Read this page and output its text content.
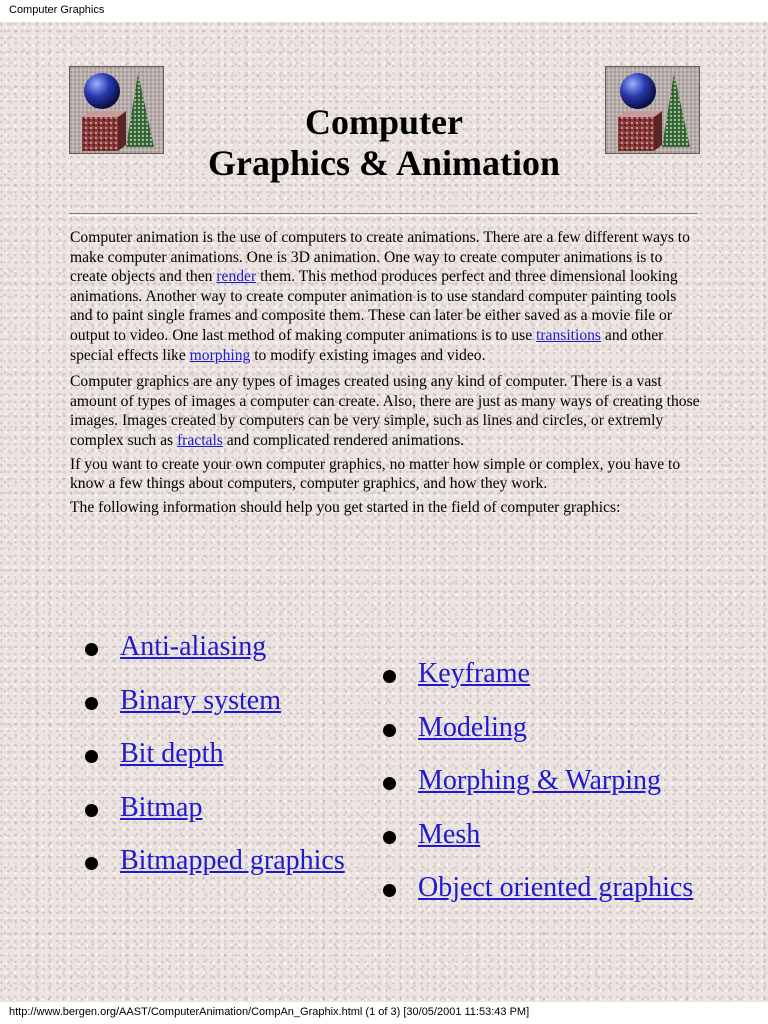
Computer Graphics
Computer
Graphics & Animation

Computer animation is the use of computers to create animations. There are a few different ways to make computer animations. One is 3D animation. One way to create computer animations is to create objects and then render them. This method produces perfect and three dimensional looking animations. Another way to create computer animation is to use standard computer painting tools and to paint single frames and composite them. These can later be either saved as a movie file or output to video. One last method of making computer animations is to use transitions and other special effects like morphing to modify existing images and video.

Computer graphics are any types of images created using any kind of computer. There is a vast amount of types of images a computer can create. Also, there are just as many ways of creating those images. Images created by computers can be very simple, such as lines and circles, or extremly complex such as fractals and complicated rendered animations.

If you want to create your own computer graphics, no matter how simple or complex, you have to know a few things about computers, computer graphics, and how they work.

The following information should help you get started in the field of computer graphics:

Anti-aliasing
Binary system
Bit depth
Bitmap
Bitmapped graphics
Keyframe
Modeling
Morphing & Warping
Mesh
Object oriented graphics
http://www.bergen.org/AAST/ComputerAnimation/CompAn_Graphix.html (1 of 3) [30/05/2001 11:53:43 PM]
